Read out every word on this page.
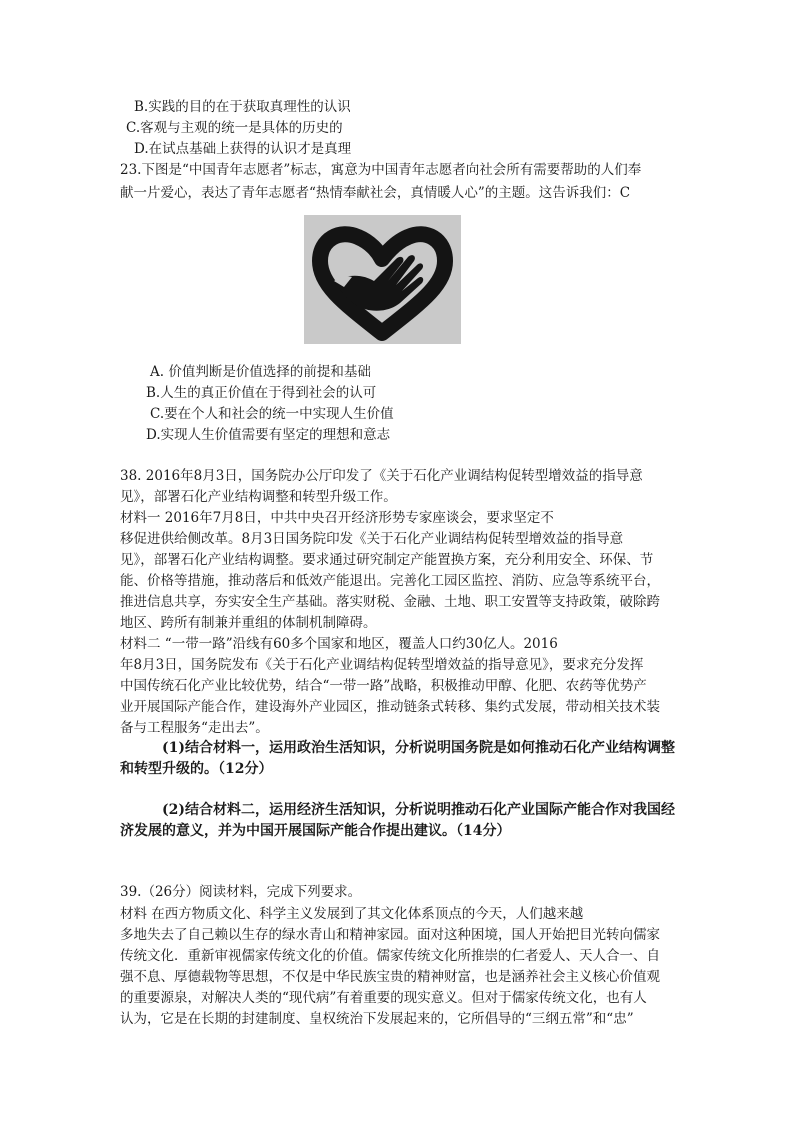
B.实践的目的在于获取真理性的认识
C.客观与主观的统一是具体的历史的
D.在试点基础上获得的认识才是真理
23.下图是“中国青年志愿者”标志，寓意为中国青年志愿者向社会所有需要帮助的人们奉
献一片爱心，表达了青年志愿者“热情奉献社会，真情暖人心”的主题。这告诉我们：C
A. 价值判断是价值选择的前提和基础
B.人生的真正价值在于得到社会的认可
C.要在个人和社会的统一中实现人生价值
D.实现人生价值需要有坚定的理想和意志
38. 2016年8月3日，国务院办公厅印发了《关于石化产业调结构促转型增效益的指导意
见》，部署石化产业结构调整和转型升级工作。
材料一 2016年7月8日，中共中央召开经济形势专家座谈会，要求坚定不
移促进供给侧改革。8月3日国务院印发《关于石化产业调结构促转型增效益的指导意
见》，部署石化产业结构调整。要求通过研究制定产能置换方案，充分利用安全、环保、节
能、价格等措施，推动落后和低效产能退出。完善化工园区监控、消防、应急等系统平台，
推进信息共享，夯实安全生产基础。落实财税、金融、土地、职工安置等支持政策，破除跨
地区、跨所有制兼并重组的体制机制障碍。
材料二 “一带一路”沿线有60多个国家和地区，覆盖人口约30亿人。2016
年8月3日，国务院发布《关于石化产业调结构促转型增效益的指导意见》，要求充分发挥
中国传统石化产业比较优势，结合“一带一路”战略，积极推动甲醇、化肥、农药等优势产
业开展国际产能合作，建设海外产业园区，推动链条式转移、集约式发展，带动相关技术装
备与工程服务“走出去”。
(1)结合材料一，运用政治生活知识，分析说明国务院是如何推动石化产业结构调整
和转型升级的。（12分）
(2)结合材料二，运用经济生活知识，分析说明推动石化产业国际产能合作对我国经
济发展的意义，并为中国开展国际产能合作提出建议。（14分）
39.（26分）阅读材料，完成下列要求。
材料 在西方物质文化、科学主义发展到了其文化体系顶点的今天，人们越来越
多地失去了自己赖以生存的绿水青山和精神家园。面对这种困境，国人开始把目光转向儒家
传统文化．重新审视儒家传统文化的价值。儒家传统文化所推崇的仁者爱人、天人合一、自
强不息、厚德载物等思想，不仅是中华民族宝贵的精神财富，也是涵养社会主义核心价值观
的重要源泉，对解决人类的“现代病”有着重要的现实意义。但对于儒家传统文化，也有人
认为，它是在长期的封建制度、皇权统治下发展起来的，它所倡导的“三纲五常”和“忠”
